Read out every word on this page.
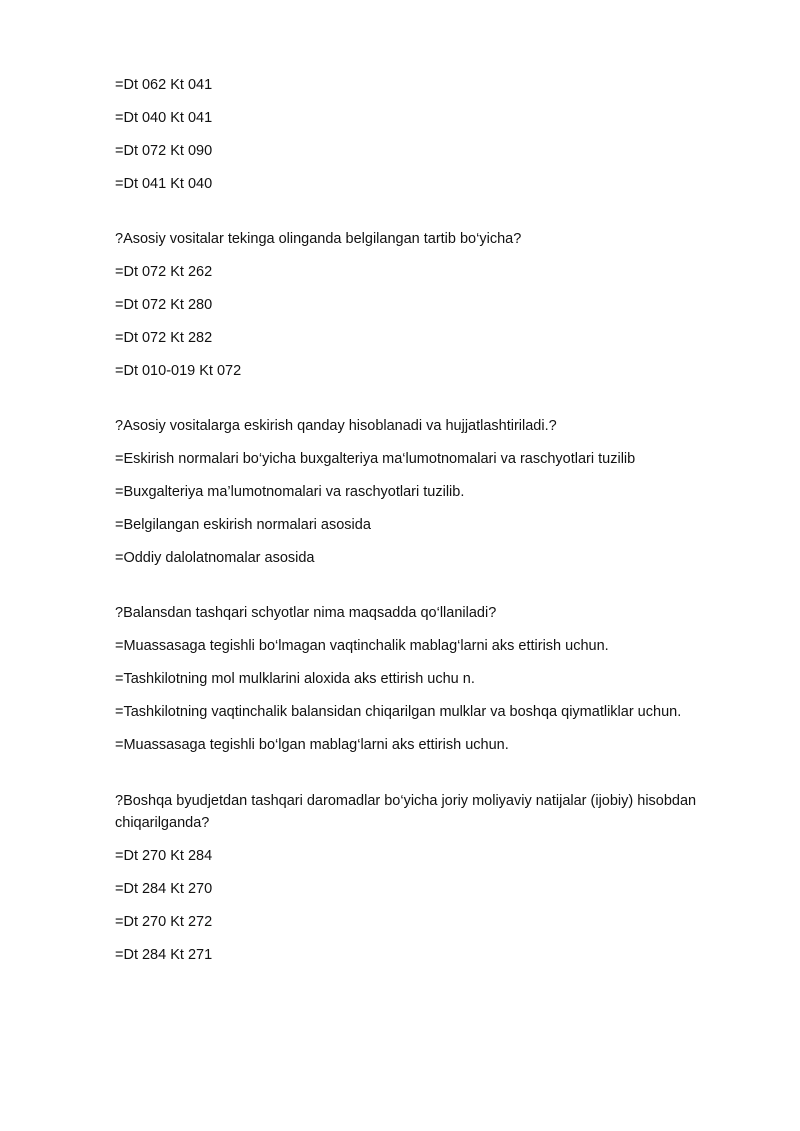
=Dt 062 Kt 041

=Dt 040 Kt 041

=Dt 072 Kt 090

=Dt 041 Kt 040

?Asosiy vositalar tekinga olinganda belgilangan tartib bo‘yicha?

=Dt 072 Kt 262

=Dt 072 Kt 280

=Dt 072 Kt 282

=Dt 010-019 Kt 072

?Asosiy vositalarga eskirish qanday hisoblanadi va hujjatlashtiriladi.?

=Eskirish normalari bo‘yicha buxgalteriya ma‘lumotnomalari va raschyotlari tuzilib

=Buxgalteriya ma’lumotnomalari va raschyotlari tuzilib.

=Belgilangan eskirish normalari asosida

=Oddiy dalolatnomalar asosida

?Balansdan tashqari schyotlar nima maqsadda qo‘llaniladi?

=Muassasaga tegishli bo‘lmagan vaqtinchalik mablag‘larni aks ettirish uchun.

=Tashkilotning mol mulklarini aloxida aks ettirish uchu n.

=Tashkilotning vaqtinchalik balansidan chiqarilgan mulklar va boshqa qiymatliklar uchun.

=Muassasaga tegishli bo‘lgan mablag‘larni aks ettirish uchun.

?Boshqa byudjetdan tashqari daromadlar bo‘yicha joriy moliyaviy natijalar (ijobiy) hisobdan chiqarilganda?

=Dt 270 Kt 284

=Dt 284 Kt 270

=Dt 270 Kt 272

=Dt 284 Kt 271
